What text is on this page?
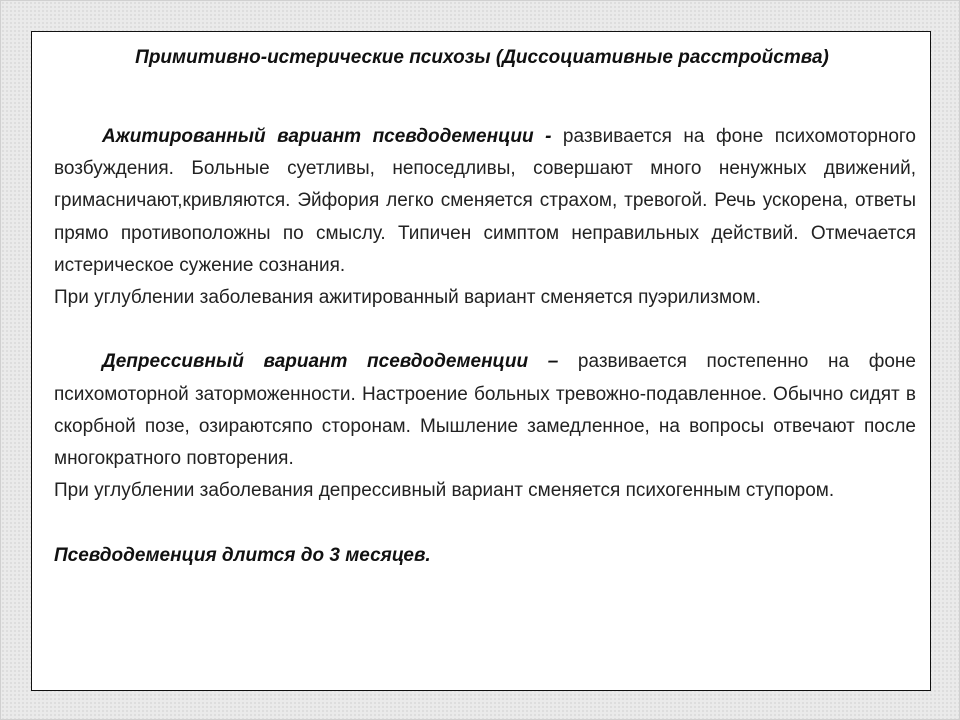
Примитивно-истерические психозы (Диссоциативные расстройства)

Ажитированный вариант псевдодеменции - развивается на фоне психомоторного возбуждения. Больные суетливы, непоседливы, совершают много ненужных движений, гримасничают,кривляются. Эйфория легко сменяется страхом, тревогой. Речь ускорена, ответы прямо противоположны по смыслу. Типичен симптом неправильных действий. Отмечается истерическое сужение сознания.

При углублении заболевания ажитированный вариант сменяется пуэрилизмом.

Депрессивный вариант псевдодеменции – развивается постепенно на фоне психомоторной заторможенности. Настроение больных тревожно-подавленное. Обычно сидят в скорбной позе, озираютсяпо сторонам. Мышление замедленное, на вопросы отвечают после многократного повторения.

При углублении заболевания депрессивный вариант сменяется психогенным ступором.

Псевдодеменция длится до 3 месяцев.
